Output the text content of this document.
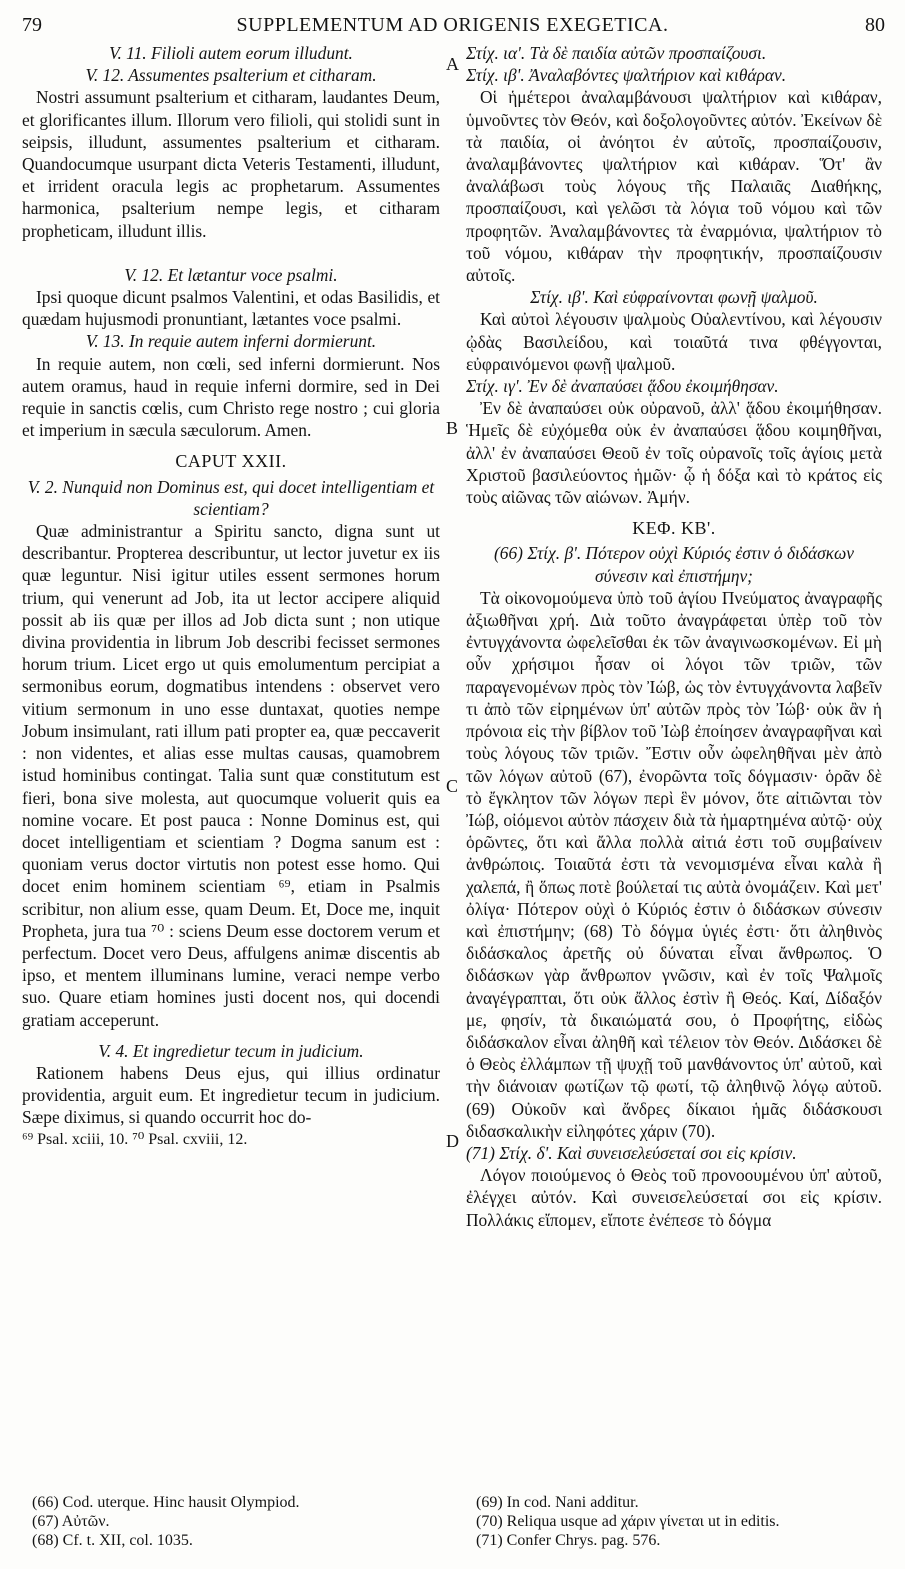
79	SUPPLEMENTUM AD ORIGENIS EXEGETICA.	80
A
B
C
D
V. 11. Filioli autem eorum illudunt.
V. 12. Assumentes psalterium et citharam.

Nostri assumunt psalterium et citharam, laudantes Deum, et glorificantes illum. Illorum vero filioli, qui stolidi sunt in seipsis, illudunt, assumentes psalterium et citharam. Quandocumque usurpant dicta Veteris Testamenti, illudunt, et irrident oracula legis ac prophetarum. Assumentes harmonica, psalterium nempe legis, et citharam propheticam, illudunt illis.

V. 12. Et lætantur voce psalmi.

Ipsi quoque dicunt psalmos Valentini, et odas Basilidis, et quædam hujusmodi pronuntiant, lætantes voce psalmi.

V. 13. In requie autem inferni dormierunt.

In requie autem, non cœli, sed inferni dormierunt. Nos autem oramus, haud in requie inferni dormire, sed in Dei requie in sanctis cœlis, cum Christo rege nostro ; cui gloria et imperium in sæcula sæculorum. Amen.

CAPUT XXII.
V. 2. Nunquid non Dominus est, qui docet intelligentiam et scientiam?

Quæ administrantur a Spiritu sancto, digna sunt ut describantur. Propterea describuntur, ut lector juvetur ex iis quæ leguntur. Nisi igitur utiles essent sermones horum trium, qui venerunt ad Job, ita ut lector accipere aliquid possit ab iis quæ per illos ad Job dicta sunt ; non utique divina providentia in librum Job describi fecisset sermones horum trium. Licet ergo ut quis emolumentum percipiat a sermonibus eorum, dogmatibus intendens : observet vero vitium sermonum in uno esse duntaxat, quoties nempe Jobum insimulant, rati illum pati propter ea, quæ peccaverit : non videntes, et alias esse multas causas, quamobrem istud hominibus contingat. Talia sunt quæ constitutum est fieri, bona sive molesta, aut quocumque voluerit quis ea nomine vocare. Et post pauca : Nonne Dominus est, qui docet intelligentiam et scientiam ? Dogma sanum est : quoniam verus doctor virtutis non potest esse homo. Qui docet enim hominem scientiam ⁶⁹, etiam in Psalmis scribitur, non alium esse, quam Deum. Et, Doce me, inquit Propheta, jura tua ⁷⁰ : sciens Deum esse doctorem verum et perfectum. Docet vero Deus, affulgens animæ discentis ab ipso, et mentem illuminans lumine, veraci nempe verbo suo. Quare etiam homines justi docent nos, qui docendi gratiam acceperunt.

V. 4. Et ingredietur tecum in judicium.

Rationem habens Deus ejus, qui illius ordinatur providentia, arguit eum. Et ingredietur tecum in judicium. Sæpe diximus, si quando occurrit hoc do-

⁶⁹ Psal. xciii, 10. ⁷⁰ Psal. cxviii, 12.
Στίχ. ια'. Τὰ δὲ παιδία αὐτῶν προσπαίζουσι.
Στίχ. ιβ'. Ἀναλαβόντες ψαλτήριον καὶ κιθάραν.

Οἱ ἡμέτεροι ἀναλαμβάνουσι ψαλτήριον καὶ κιθάραν, ὑμνοῦντες τὸν Θεόν, καὶ δοξολογοῦντες αὐτόν. Ἐκείνων δὲ τὰ παιδία, οἱ ἀνόητοι ἐν αὐτοῖς, προσπαίζουσιν, ἀναλαμβάνοντες ψαλτήριον καὶ κιθάραν. Ὅτ' ἂν ἀναλάβωσι τοὺς λόγους τῆς Παλαιᾶς Διαθήκης, προσπαίζουσι, καὶ γελῶσι τὰ λόγια τοῦ νόμου καὶ τῶν προφητῶν. Ἀναλαμβάνοντες τὰ ἐναρμόνια, ψαλτήριον τὸ τοῦ νόμου, κιθάραν τὴν προφητικήν, προσπαίζουσιν αὐτοῖς.

Στίχ. ιβ'. Καὶ εὐφραίνονται φωνῇ ψαλμοῦ.

Καὶ αὐτοὶ λέγουσιν ψαλμοὺς Οὐαλεντίνου, καὶ λέγουσιν ᾠδὰς Βασιλείδου, καὶ τοιαῦτά τινα φθέγγονται, εὐφραινόμενοι φωνῇ ψαλμοῦ.

Στίχ. ιγ'. Ἐν δὲ ἀναπαύσει ᾅδου ἐκοιμήθησαν.

Ἐν δὲ ἀναπαύσει οὐκ οὐρανοῦ, ἀλλ' ᾅδου ἐκοιμήθησαν. Ἡμεῖς δὲ εὐχόμεθα οὐκ ἐν ἀναπαύσει ᾅδου κοιμηθῆναι, ἀλλ' ἐν ἀναπαύσει Θεοῦ ἐν τοῖς οὐρανοῖς τοῖς ἁγίοις μετὰ Χριστοῦ βασιλεύοντος ἡμῶν· ᾧ ἡ δόξα καὶ τὸ κράτος εἰς τοὺς αἰῶνας τῶν αἰώνων. Ἀμήν.

ΚΕΦ. ΚΒ'.
(66) Στίχ. β'. Πότερον οὐχὶ Κύριός ἐστιν ὁ διδάσκων σύνεσιν καὶ ἐπιστήμην;

Τὰ οἰκονομούμενα ὑπὸ τοῦ ἁγίου Πνεύματος ἀναγραφῆς ἀξιωθῆναι χρή. Διὰ τοῦτο ἀναγράφεται ὑπὲρ τοῦ τὸν ἐντυγχάνοντα ὠφελεῖσθαι ἐκ τῶν ἀναγινωσκομένων. Εἰ μὴ οὖν χρήσιμοι ἦσαν οἱ λόγοι τῶν τριῶν, τῶν παραγενομένων πρὸς τὸν Ἰώβ, ὡς τὸν ἐντυγχάνοντα λαβεῖν τι ἀπὸ τῶν εἰρημένων ὑπ' αὐτῶν πρὸς τὸν Ἰώβ· οὐκ ἂν ἡ πρόνοια εἰς τὴν βίβλον τοῦ Ἰὼβ ἐποίησεν ἀναγραφῆναι καὶ τοὺς λόγους τῶν τριῶν. Ἔστιν οὖν ὠφεληθῆναι μὲν ἀπὸ τῶν λόγων αὐτοῦ (67), ἐνορῶντα τοῖς δόγμασιν· ὁρᾶν δὲ τὸ ἔγκλητον τῶν λόγων περὶ ἓν μόνον, ὅτε αἰτιῶνται τὸν Ἰώβ, οἰόμενοι αὐτὸν πάσχειν διὰ τὰ ἡμαρτημένα αὐτῷ· οὐχ ὁρῶντες, ὅτι καὶ ἄλλα πολλὰ αἰτιά ἐστι τοῦ συμβαίνειν ἀνθρώποις. Τοιαῦτά ἐστι τὰ νενομισμένα εἶναι καλὰ ἢ χαλεπά, ἢ ὅπως ποτὲ βούλεταί τις αὐτὰ ὀνομάζειν. Καὶ μετ' ὀλίγα· Πότερον οὐχὶ ὁ Κύριός ἐστιν ὁ διδάσκων σύνεσιν καὶ ἐπιστήμην; (68) Τὸ δόγμα ὑγιές ἐστι· ὅτι ἀληθινὸς διδάσκαλος ἀρετῆς οὐ δύναται εἶναι ἄνθρωπος. Ὁ διδάσκων γὰρ ἄνθρωπον γνῶσιν, καὶ ἐν τοῖς Ψαλμοῖς ἀναγέγραπται, ὅτι οὐκ ἄλλος ἐστὶν ἢ Θεός. Καί, Δίδαξόν με, φησίν, τὰ δικαιώματά σου, ὁ Προφήτης, εἰδὼς διδάσκαλον εἶναι ἀληθῆ καὶ τέλειον τὸν Θεόν. Διδάσκει δὲ ὁ Θεὸς ἐλλάμπων τῇ ψυχῇ τοῦ μανθάνοντος ὑπ' αὐτοῦ, καὶ τὴν διάνοιαν φωτίζων τῷ φωτί, τῷ ἀληθινῷ λόγῳ αὐτοῦ. (69) Οὐκοῦν καὶ ἄνδρες δίκαιοι ἡμᾶς διδάσκουσι διδασκαλικὴν εἰληφότες χάριν (70).

(71) Στίχ. δ'. Καὶ συνεισελεύσεταί σοι εἰς κρίσιν.

Λόγον ποιούμενος ὁ Θεὸς τοῦ προνοουμένου ὑπ' αὐτοῦ, ἐλέγχει αὐτόν. Καὶ συνεισελεύσεταί σοι εἰς κρίσιν. Πολλάκις εἴπομεν, εἴποτε ἐνέπεσε τὸ δόγμα

(66) Cod. uterque. Hinc hausit Olympiod.
(67) Αὐτῶν.
(68) Cf. t. XII, col. 1035.
(69) In cod. Nani additur.
(70) Reliqua usque ad χάριν γίνεται ut in editis.
(71) Confer Chrys. pag. 576.
